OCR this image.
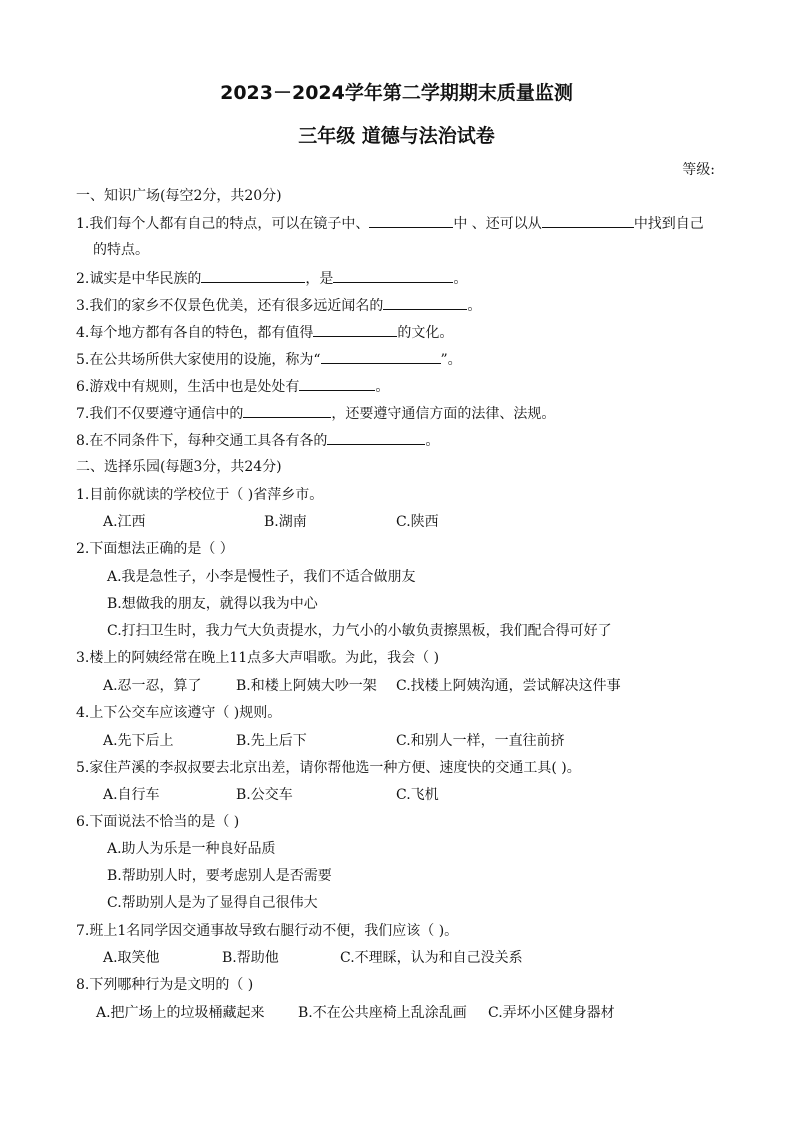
2023－2024学年第二学期期末质量监测
三年级 道德与法治试卷
等级:
一、知识广场(每空2分，共20分)
1.我们每个人都有自己的特点，可以在镜子中、	中 、还可以从	中找到自己
的特点。
2.诚实是中华民族的	，是	。
3.我们的家乡不仅景色优美，还有很多远近闻名的	。
4.每个地方都有各自的特色，都有值得	的文化。
5.在公共场所供大家使用的设施，称为“	”。
6.游戏中有规则，生活中也是处处有	。
7.我们不仅要遵守通信中的	，还要遵守通信方面的法律、法规。
8.在不同条件下，每种交通工具各有各的	。
二、选择乐园(每题3分，共24分)
1.目前你就读的学校位于（ )省萍乡市。
A.江西	B.湖南	C.陕西
2.下面想法正确的是（ ）
A.我是急性子，小李是慢性子，我们不适合做朋友
B.想做我的朋友，就得以我为中心
C.打扫卫生时，我力气大负责提水，力气小的小敏负责擦黑板，我们配合得可好了
3.楼上的阿姨经常在晚上11点多大声唱歌。为此，我会（ )
A.忍一忍，算了 B.和楼上阿姨大吵一架 C.找楼上阿姨沟通，尝试解决这件事
4.上下公交车应该遵守（ )规则。
A.先下后上	B.先上后下	C.和别人一样，一直往前挤
5.家住芦溪的李叔叔要去北京出差，请你帮他选一种方便、速度快的交通工具( )。
A.自行车	B.公交车	C.飞机
6.下面说法不恰当的是（ )
A.助人为乐是一种良好品质
B.帮助别人时，要考虑别人是否需要
C.帮助别人是为了显得自己很伟大
7.班上1名同学因交通事故导致右腿行动不便，我们应该（ )。
A.取笑他	B.帮助他	C.不理睬，认为和自己没关系
8.下列哪种行为是文明的（ )
A.把广场上的垃圾桶藏起来 B.不在公共座椅上乱涂乱画 C.弄坏小区健身器材
